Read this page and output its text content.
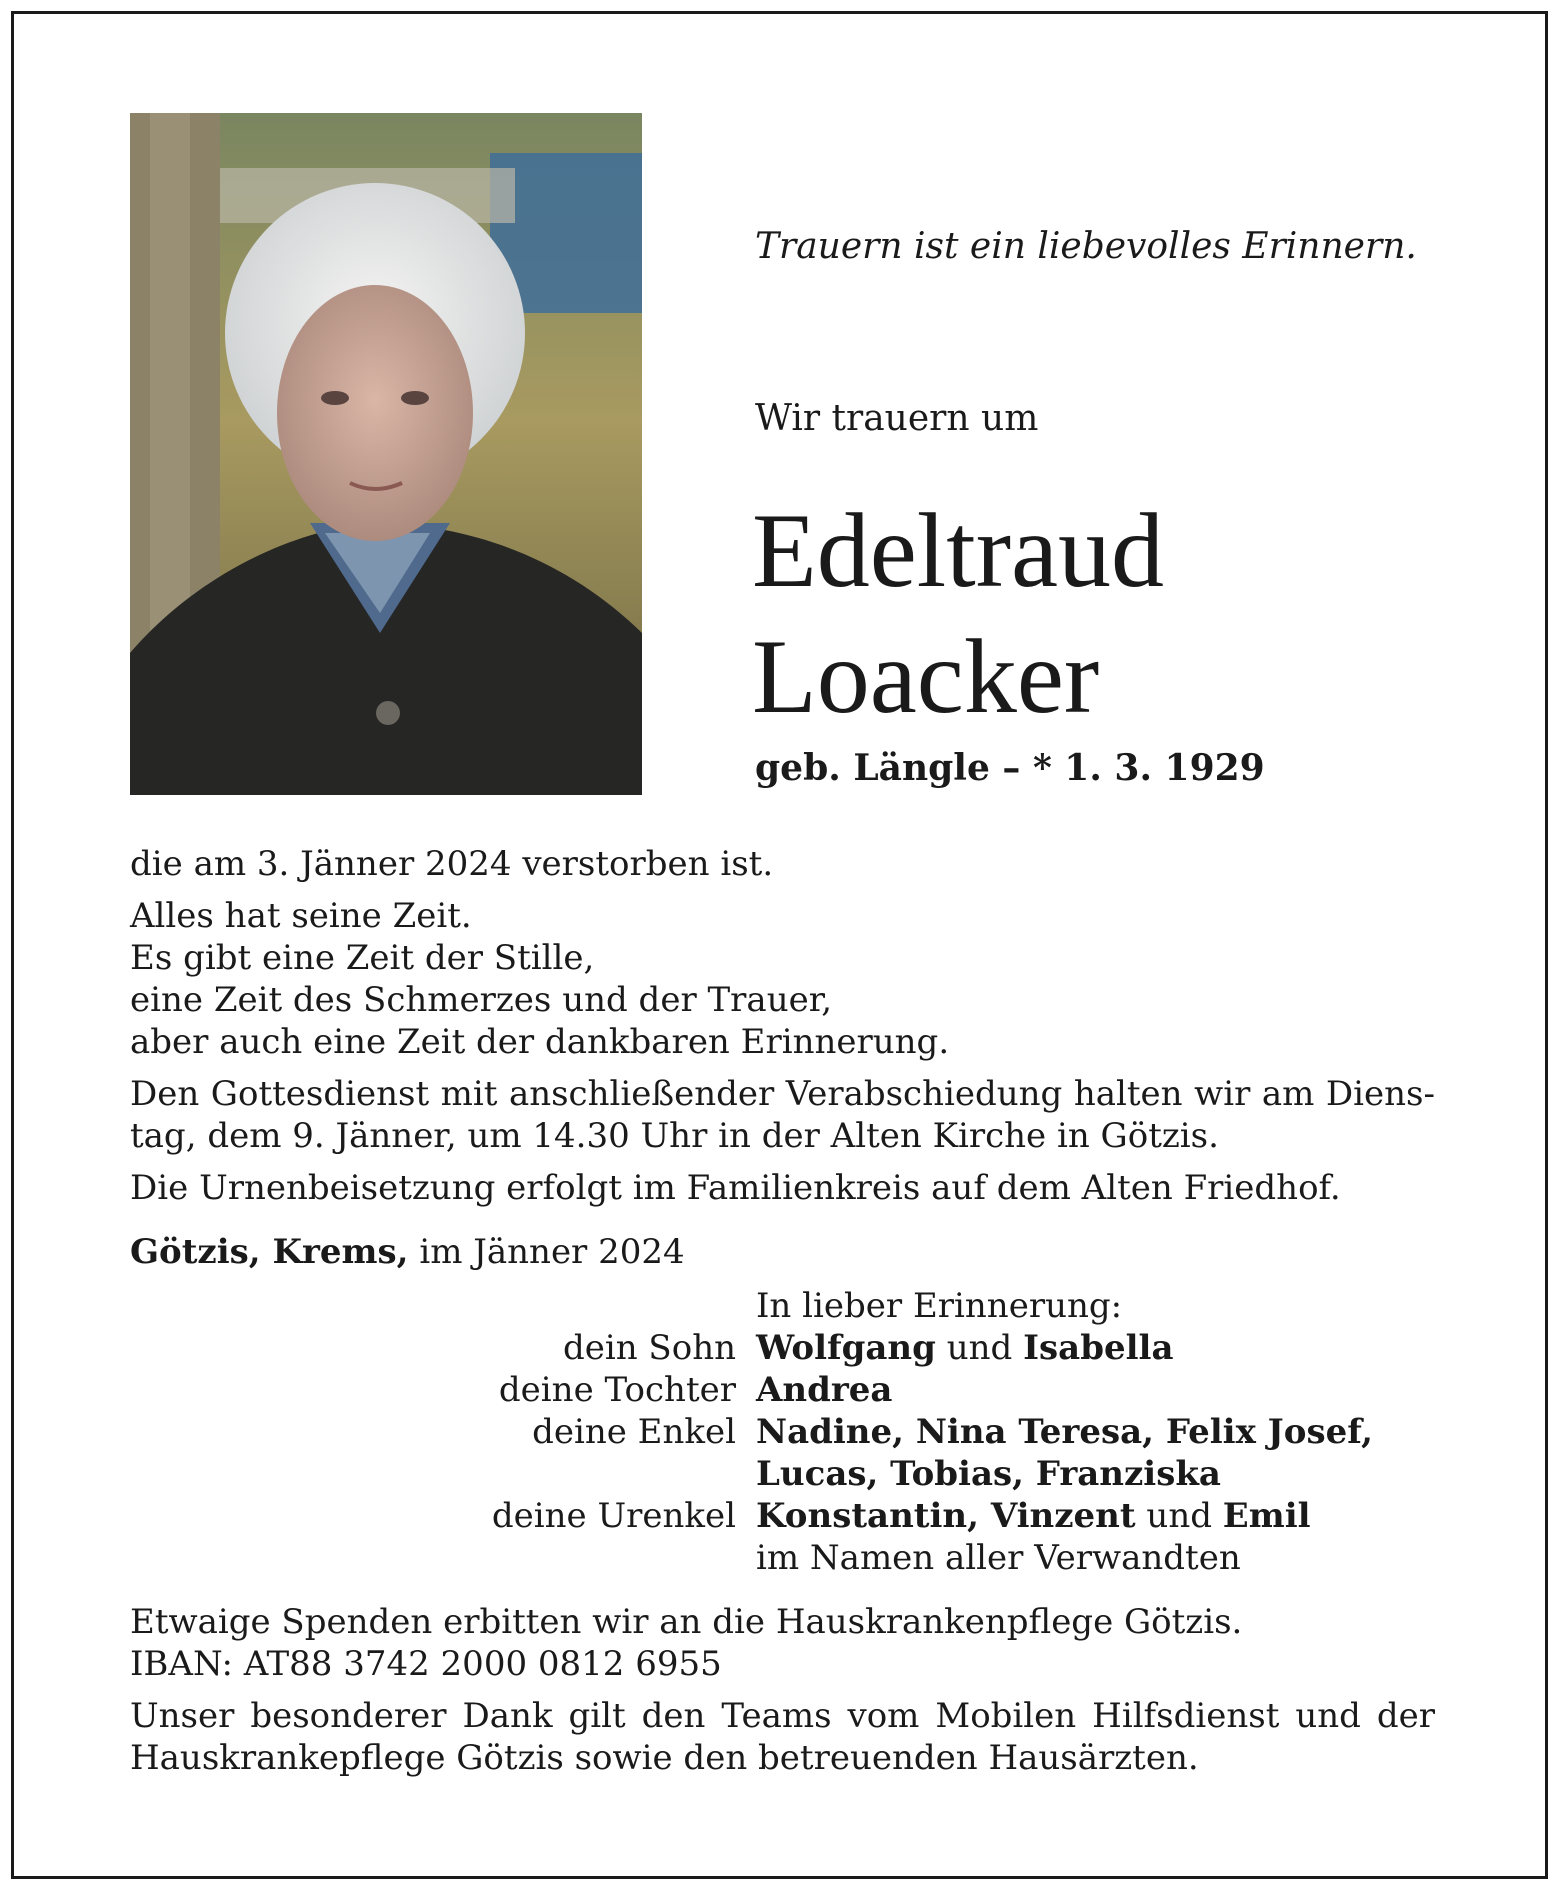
Trauern ist ein liebevolles Erinnern.
Wir trauern um
Edeltraud
Loacker
geb. Längle – * 1. 3. 1929

die am 3. Jänner 2024 verstorben ist.

Alles hat seine Zeit.
Es gibt eine Zeit der Stille,
eine Zeit des Schmerzes und der Trauer,
aber auch eine Zeit der dankbaren Erinnerung.

Den Gottesdienst mit anschließender Verabschiedung halten wir am Diens-tag, dem 9. Jänner, um 14.30 Uhr in der Alten Kirche in Götzis.

Die Urnenbeisetzung erfolgt im Familienkreis auf dem Alten Friedhof.

Götzis, Krems, im Jänner 2024

In lieber Erinnerung:
dein Sohn Wolfgang und Isabella
deine Tochter Andrea
deine Enkel Nadine, Nina Teresa, Felix Josef,
Lucas, Tobias, Franziska
deine Urenkel Konstantin, Vinzent und Emil
im Namen aller Verwandten

Etwaige Spenden erbitten wir an die Hauskrankenpflege Götzis.

IBAN: AT88 3742 2000 0812 6955

Unser besonderer Dank gilt den Teams vom Mobilen Hilfsdienst und der Hauskrankepflege Götzis sowie den betreuenden Hausärzten.
